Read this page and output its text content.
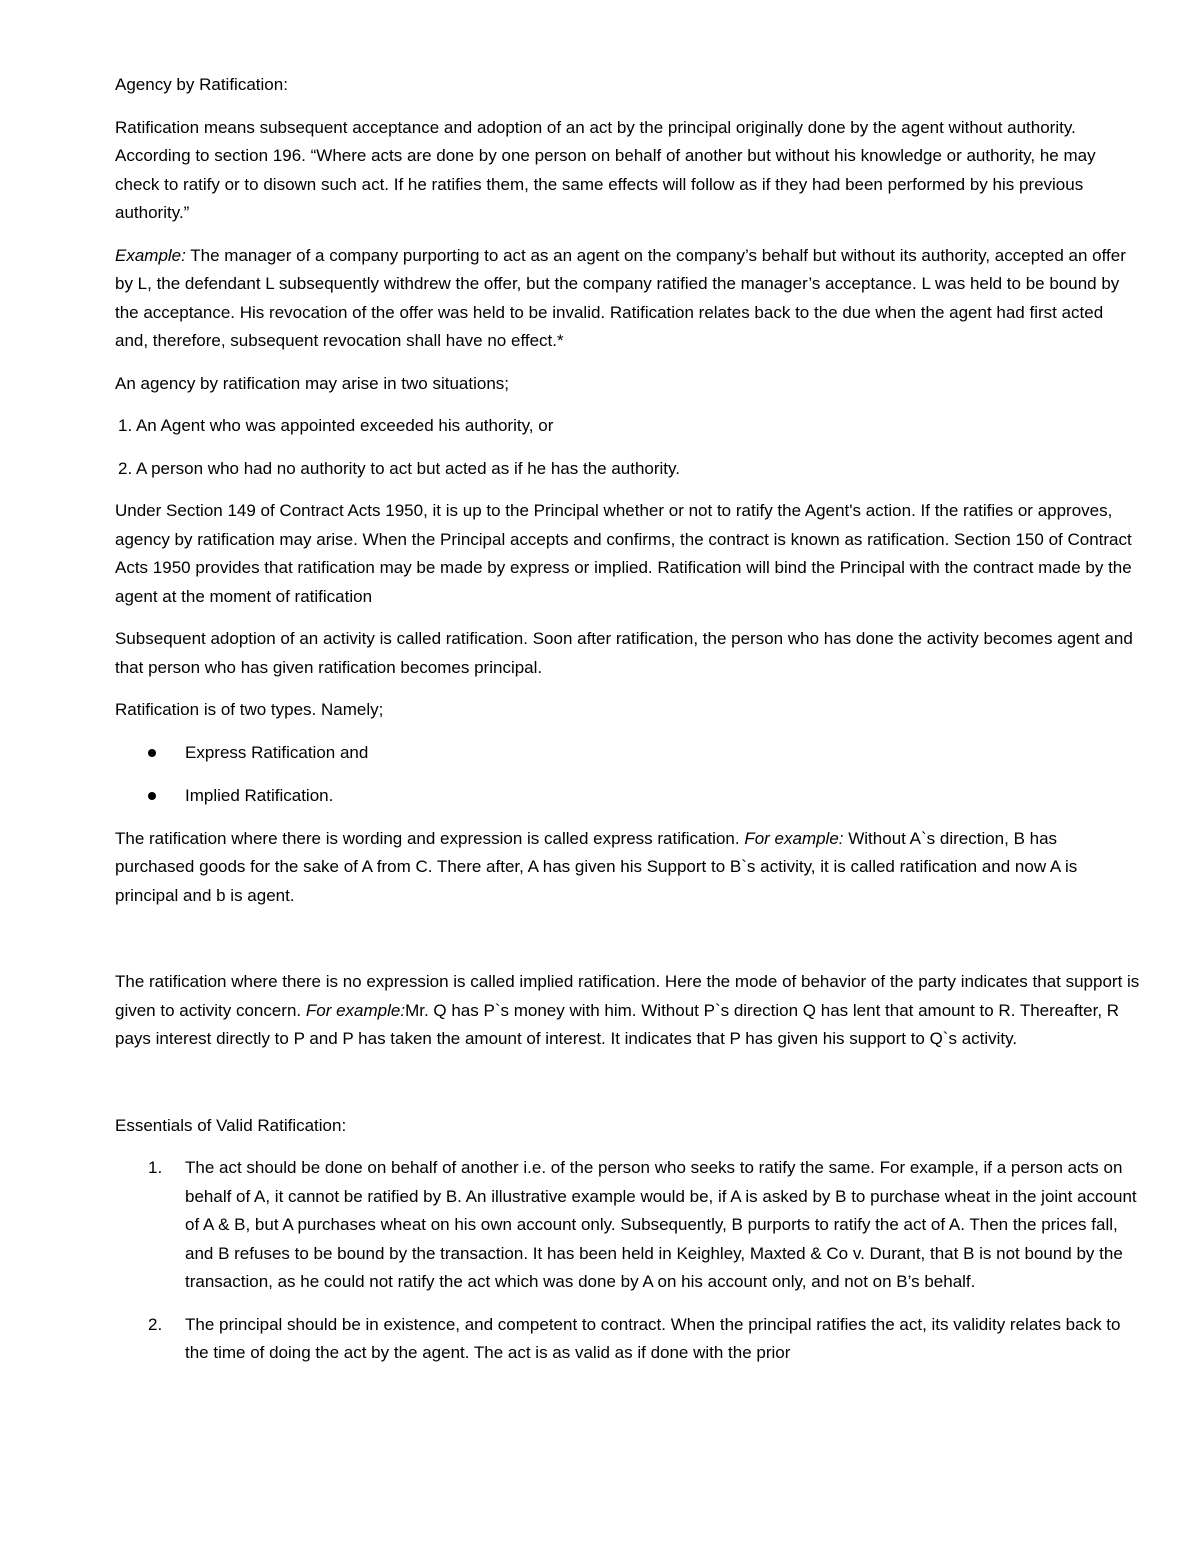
Agency by Ratification:

Ratification means subsequent acceptance and adoption of an act by the principal originally done by the agent without authority. According to section 196. “Where acts are done by one person on behalf of another but without his knowledge or authority, he may check to ratify or to disown such act. If he ratifies them, the same effects will follow as if they had been performed by his previous authority.”

Example: The manager of a company purporting to act as an agent on the company’s behalf but without its authority, accepted an offer by L, the defendant L subsequently withdrew the offer, but the company ratified the manager’s acceptance. L was held to be bound by the acceptance. His revocation of the offer was held to be invalid. Ratification relates back to the due when the agent had first acted and, therefore, subsequent revocation shall have no effect.*

An agency by ratification may arise in two situations;

1. An Agent who was appointed exceeded his authority, or

2. A person who had no authority to act but acted as if he has the authority.

Under Section 149 of Contract Acts 1950, it is up to the Principal whether or not to ratify the Agent's action. If the ratifies or approves, agency by ratification may arise. When the Principal accepts and confirms, the contract is known as ratification. Section 150 of Contract Acts 1950 provides that ratification may be made by express or implied. Ratification will bind the Principal with the contract made by the agent at the moment of ratification

Subsequent adoption of an activity is called ratification. Soon after ratification, the person who has done the activity becomes agent and that person who has given ratification becomes principal.

Ratification is of two types. Namely;

Express Ratification and
Implied Ratification.

The ratification where there is wording and expression is called express ratification. For example: Without A`s direction, B has purchased goods for the sake of A from C. There after, A has given his Support to B`s activity, it is called ratification and now A is principal and b is agent.

The ratification where there is no expression is called implied ratification. Here the mode of behavior of the party indicates that support is given to activity concern. For example:Mr. Q has P`s money with him. Without P`s direction Q has lent that amount to R. Thereafter, R pays interest directly to P and P has taken the amount of interest. It indicates that P has given his support to Q`s activity.

Essentials of Valid Ratification:

1. The act should be done on behalf of another i.e. of the person who seeks to ratify the same. For example, if a person acts on behalf of A, it cannot be ratified by B. An illustrative example would be, if A is asked by B to purchase wheat in the joint account of A & B, but A purchases wheat on his own account only. Subsequently, B purports to ratify the act of A. Then the prices fall, and B refuses to be bound by the transaction. It has been held in Keighley, Maxted & Co v. Durant, that B is not bound by the transaction, as he could not ratify the act which was done by A on his account only, and not on B’s behalf.
2. The principal should be in existence, and competent to contract. When the principal ratifies the act, its validity relates back to the time of doing the act by the agent. The act is as valid as if done with the prior
